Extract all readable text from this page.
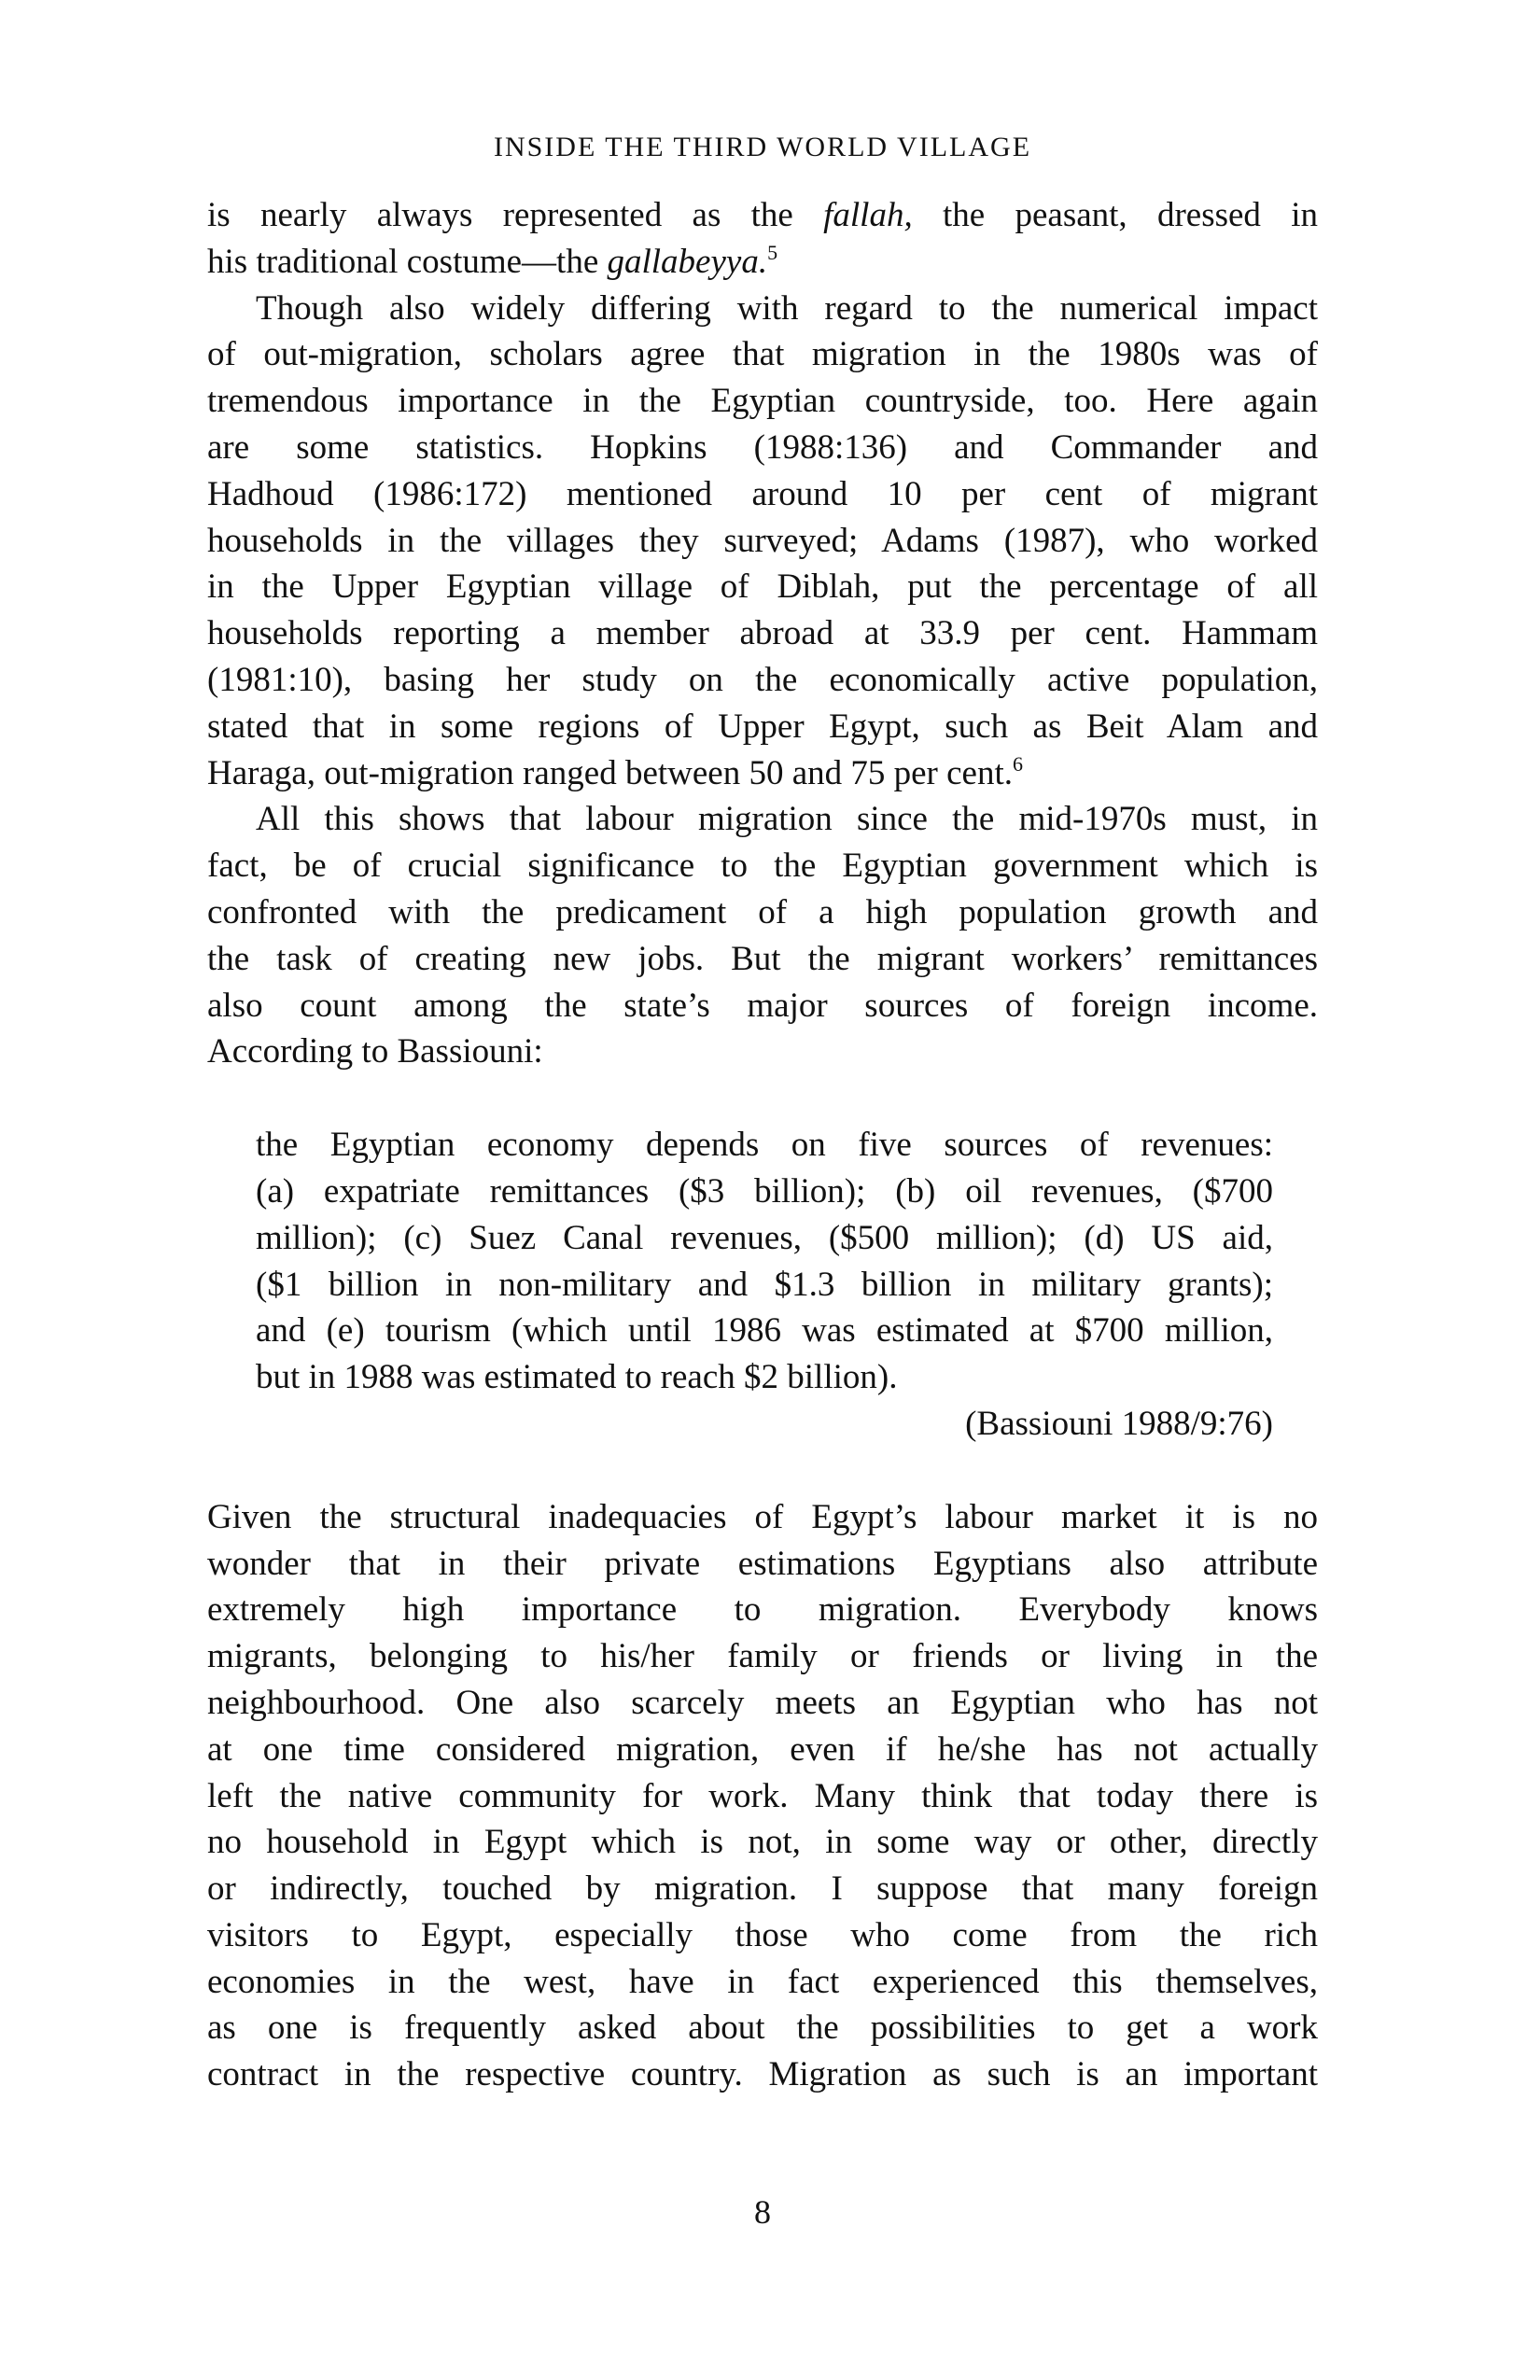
INSIDE THE THIRD WORLD VILLAGE
is nearly always represented as the fallah, the peasant, dressed in
his traditional costume—the gallabeyya.$^5$
Though also widely differing with regard to the numerical impact
of out-migration, scholars agree that migration in the 1980s was of
tremendous importance in the Egyptian countryside, too. Here again
are some statistics. Hopkins (1988:136) and Commander and
Hadhoud (1986:172) mentioned around 10 per cent of migrant
households in the villages they surveyed; Adams (1987), who worked
in the Upper Egyptian village of Diblah, put the percentage of all
households reporting a member abroad at 33.9 per cent. Hammam
(1981:10), basing her study on the economically active population,
stated that in some regions of Upper Egypt, such as Beit Alam and
Haraga, out-migration ranged between 50 and 75 per cent.$^6$
All this shows that labour migration since the mid-1970s must, in
fact, be of crucial significance to the Egyptian government which is
confronted with the predicament of a high population growth and
the task of creating new jobs. But the migrant workers’ remittances
also count among the state’s major sources of foreign income.
According to Bassiouni:
the Egyptian economy depends on five sources of revenues:
(a) expatriate remittances ($3 billion); (b) oil revenues, ($700
million); (c) Suez Canal revenues, ($500 million); (d) US aid,
($1 billion in non-military and $1.3 billion in military grants);
and (e) tourism (which until 1986 was estimated at $700 million,
but in 1988 was estimated to reach $2 billion).
(Bassiouni 1988/9:76)
Given the structural inadequacies of Egypt’s labour market it is no
wonder that in their private estimations Egyptians also attribute
extremely high importance to migration. Everybody knows
migrants, belonging to his/her family or friends or living in the
neighbourhood. One also scarcely meets an Egyptian who has not
at one time considered migration, even if he/she has not actually
left the native community for work. Many think that today there is
no household in Egypt which is not, in some way or other, directly
or indirectly, touched by migration. I suppose that many foreign
visitors to Egypt, especially those who come from the rich
economies in the west, have in fact experienced this themselves,
as one is frequently asked about the possibilities to get a work
contract in the respective country. Migration as such is an important
8
